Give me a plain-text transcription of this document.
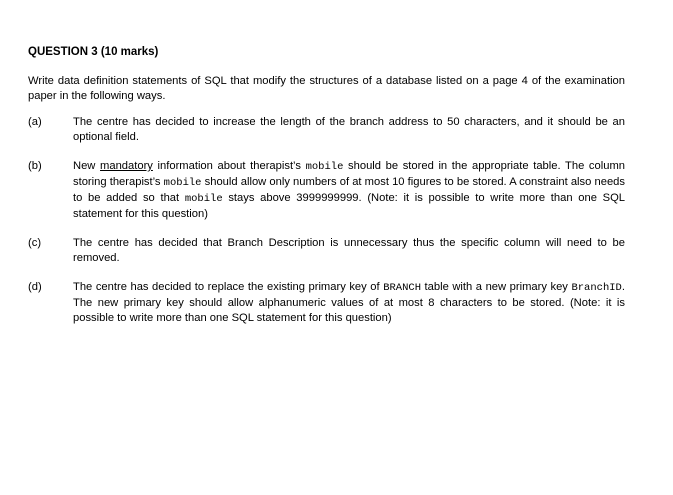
QUESTION 3 (10 marks)

Write data definition statements of SQL that modify the structures of a database listed on a page 4 of the examination paper in the following ways.

(a)	The centre has decided to increase the length of the branch address to 50 characters, and it should be an optional field.
(b)	New mandatory information about therapist’s mobile should be stored in the appropriate table. The column storing therapist’s mobile should allow only numbers of at most 10 figures to be stored. A constraint also needs to be added so that mobile stays above 3999999999. (Note: it is possible to write more than one SQL statement for this question)
(c)	The centre has decided that Branch Description is unnecessary thus the specific column will need to be removed.
(d)	The centre has decided to replace the existing primary key of BRANCH table with a new primary key BranchID. The new primary key should allow alphanumeric values of at most 8 characters to be stored. (Note: it is possible to write more than one SQL statement for this question)
